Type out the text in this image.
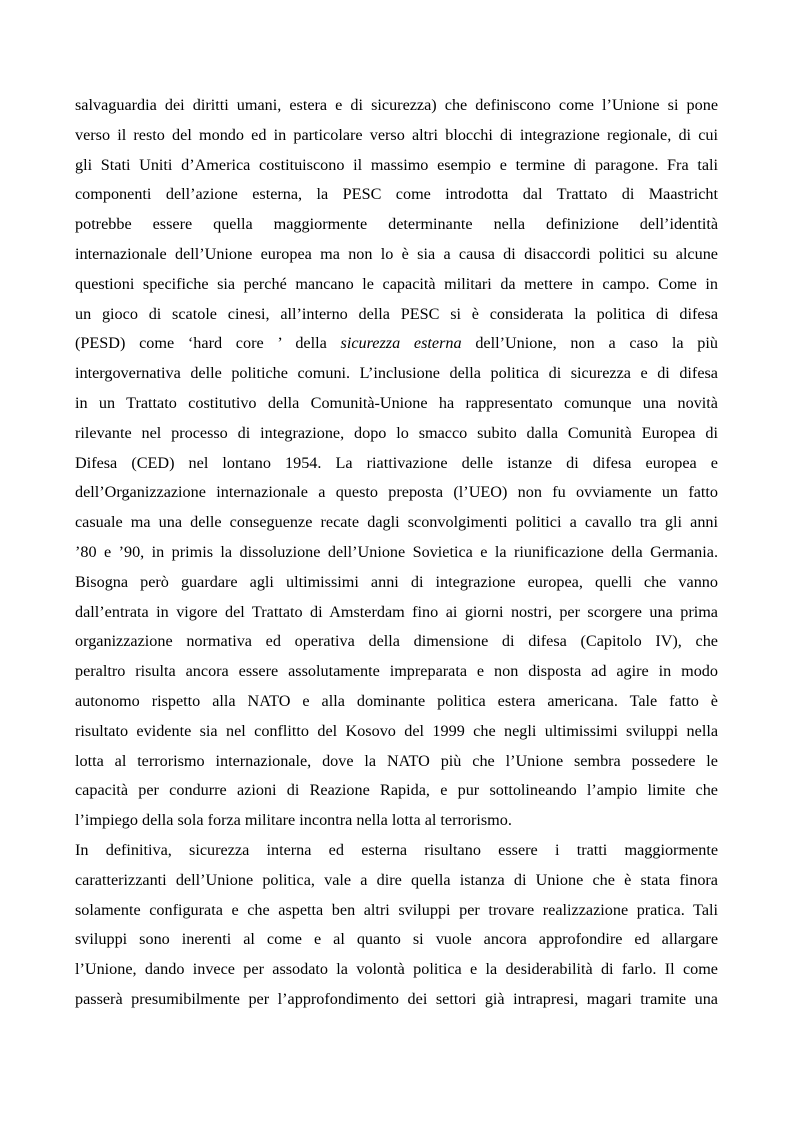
salvaguardia dei diritti umani, estera e di sicurezza) che definiscono come l’Unione si pone
verso il resto del mondo ed in particolare verso altri blocchi di integrazione regionale, di cui
gli Stati Uniti d’America costituiscono il massimo esempio e termine di paragone. Fra tali
componenti dell’azione esterna, la PESC come introdotta dal Trattato di Maastricht
potrebbe essere quella maggiormente determinante nella definizione dell’identità
internazionale dell’Unione europea ma non lo è sia a causa di disaccordi politici su alcune
questioni specifiche sia perché mancano le capacità militari da mettere in campo. Come in
un gioco di scatole cinesi, all’interno della PESC si è considerata la politica di difesa
(PESD) come ‘hard core ’ della sicurezza esterna dell’Unione, non a caso la più
intergovernativa delle politiche comuni. L’inclusione della politica di sicurezza e di difesa
in un Trattato costitutivo della Comunità-Unione ha rappresentato comunque una novità
rilevante nel processo di integrazione, dopo lo smacco subito dalla Comunità Europea di
Difesa (CED) nel lontano 1954. La riattivazione delle istanze di difesa europea e
dell’Organizzazione internazionale a questo preposta (l’UEO) non fu ovviamente un fatto
casuale ma una delle conseguenze recate dagli sconvolgimenti politici a cavallo tra gli anni
’80 e ’90, in primis la dissoluzione dell’Unione Sovietica e la riunificazione della Germania.
Bisogna però guardare agli ultimissimi anni di integrazione europea, quelli che vanno
dall’entrata in vigore del Trattato di Amsterdam fino ai giorni nostri, per scorgere una prima
organizzazione normativa ed operativa della dimensione di difesa (Capitolo IV), che
peraltro risulta ancora essere assolutamente impreparata e non disposta ad agire in modo
autonomo rispetto alla NATO e alla dominante politica estera americana. Tale fatto è
risultato evidente sia nel conflitto del Kosovo del 1999 che negli ultimissimi sviluppi nella
lotta al terrorismo internazionale, dove la NATO più che l’Unione sembra possedere le
capacità per condurre azioni di Reazione Rapida, e pur sottolineando l’ampio limite che
l’impiego della sola forza militare incontra nella lotta al terrorismo.
In definitiva, sicurezza interna ed esterna risultano essere i tratti maggiormente
caratterizzanti dell’Unione politica, vale a dire quella istanza di Unione che è stata finora
solamente configurata e che aspetta ben altri sviluppi per trovare realizzazione pratica. Tali
sviluppi sono inerenti al come e al quanto si vuole ancora approfondire ed allargare
l’Unione, dando invece per assodato la volontà politica e la desiderabilità di farlo. Il come
passerà presumibilmente per l’approfondimento dei settori già intrapresi, magari tramite una
